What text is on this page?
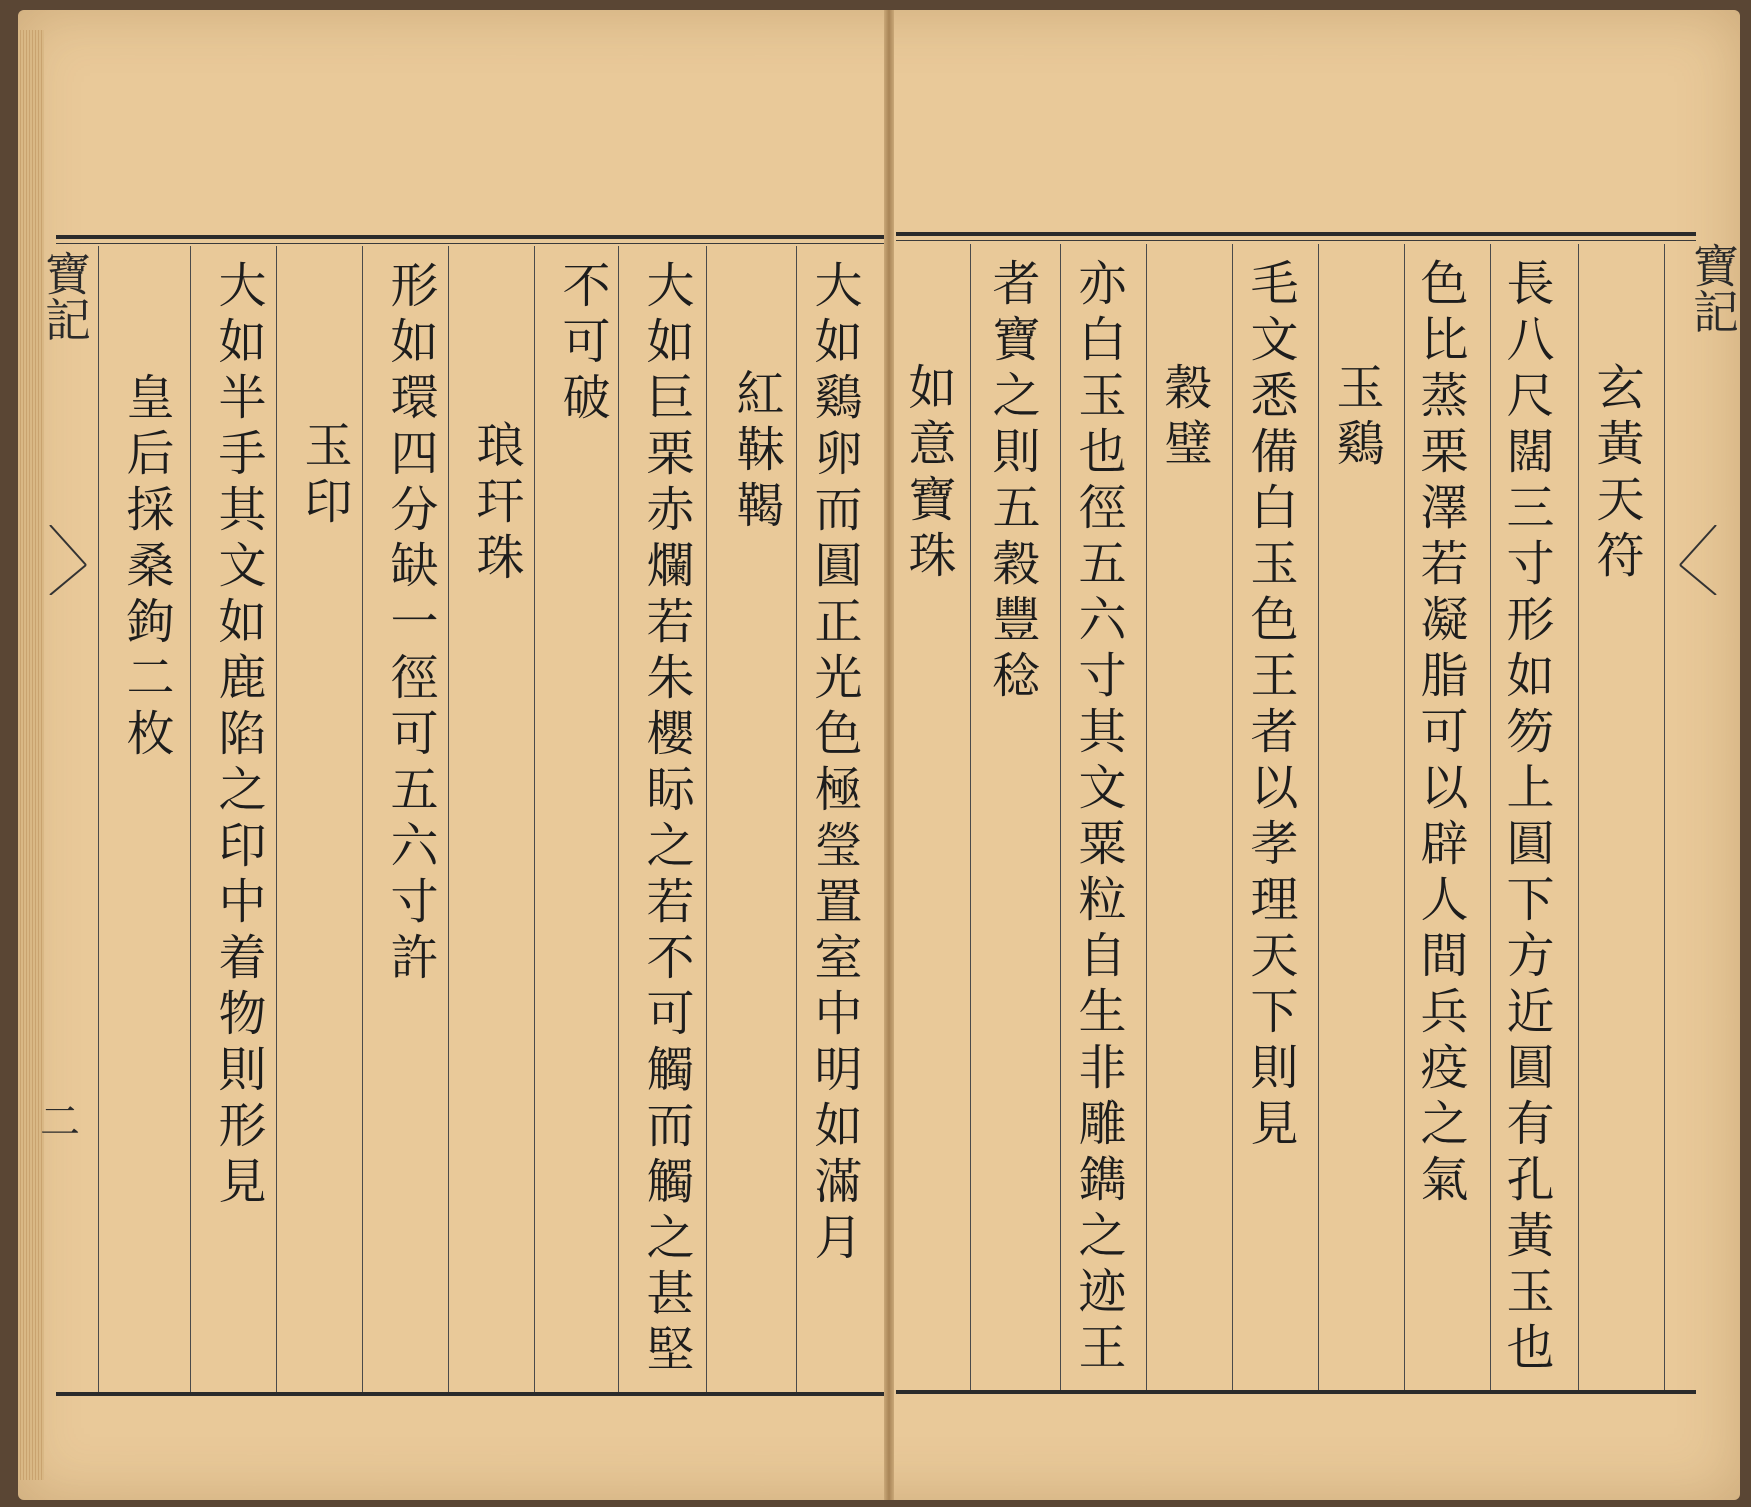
寶記
二	大如鷄卵而圓正光色極瑩置室中明如滿月
紅靺鞨
大如巨栗赤爛若朱櫻眎之若不可觸而觸之甚堅
不可破
琅玕珠
形如環四分缺一徑可五六寸許
玉印
大如半手其文如鹿陷之印中着物則形見
皇后採桑鉤二枚
寶記
玄黃天符
長八尺闊三寸形如笏上圓下方近圓有孔黃玉也
色比蒸栗澤若凝脂可以辟人間兵疫之氣
玉鷄
毛文悉備白玉色王者以孝理天下則見
穀璧
亦白玉也徑五六寸其文粟粒自生非雕鐫之迹王
者寶之則五穀豐稔
如意寶珠
